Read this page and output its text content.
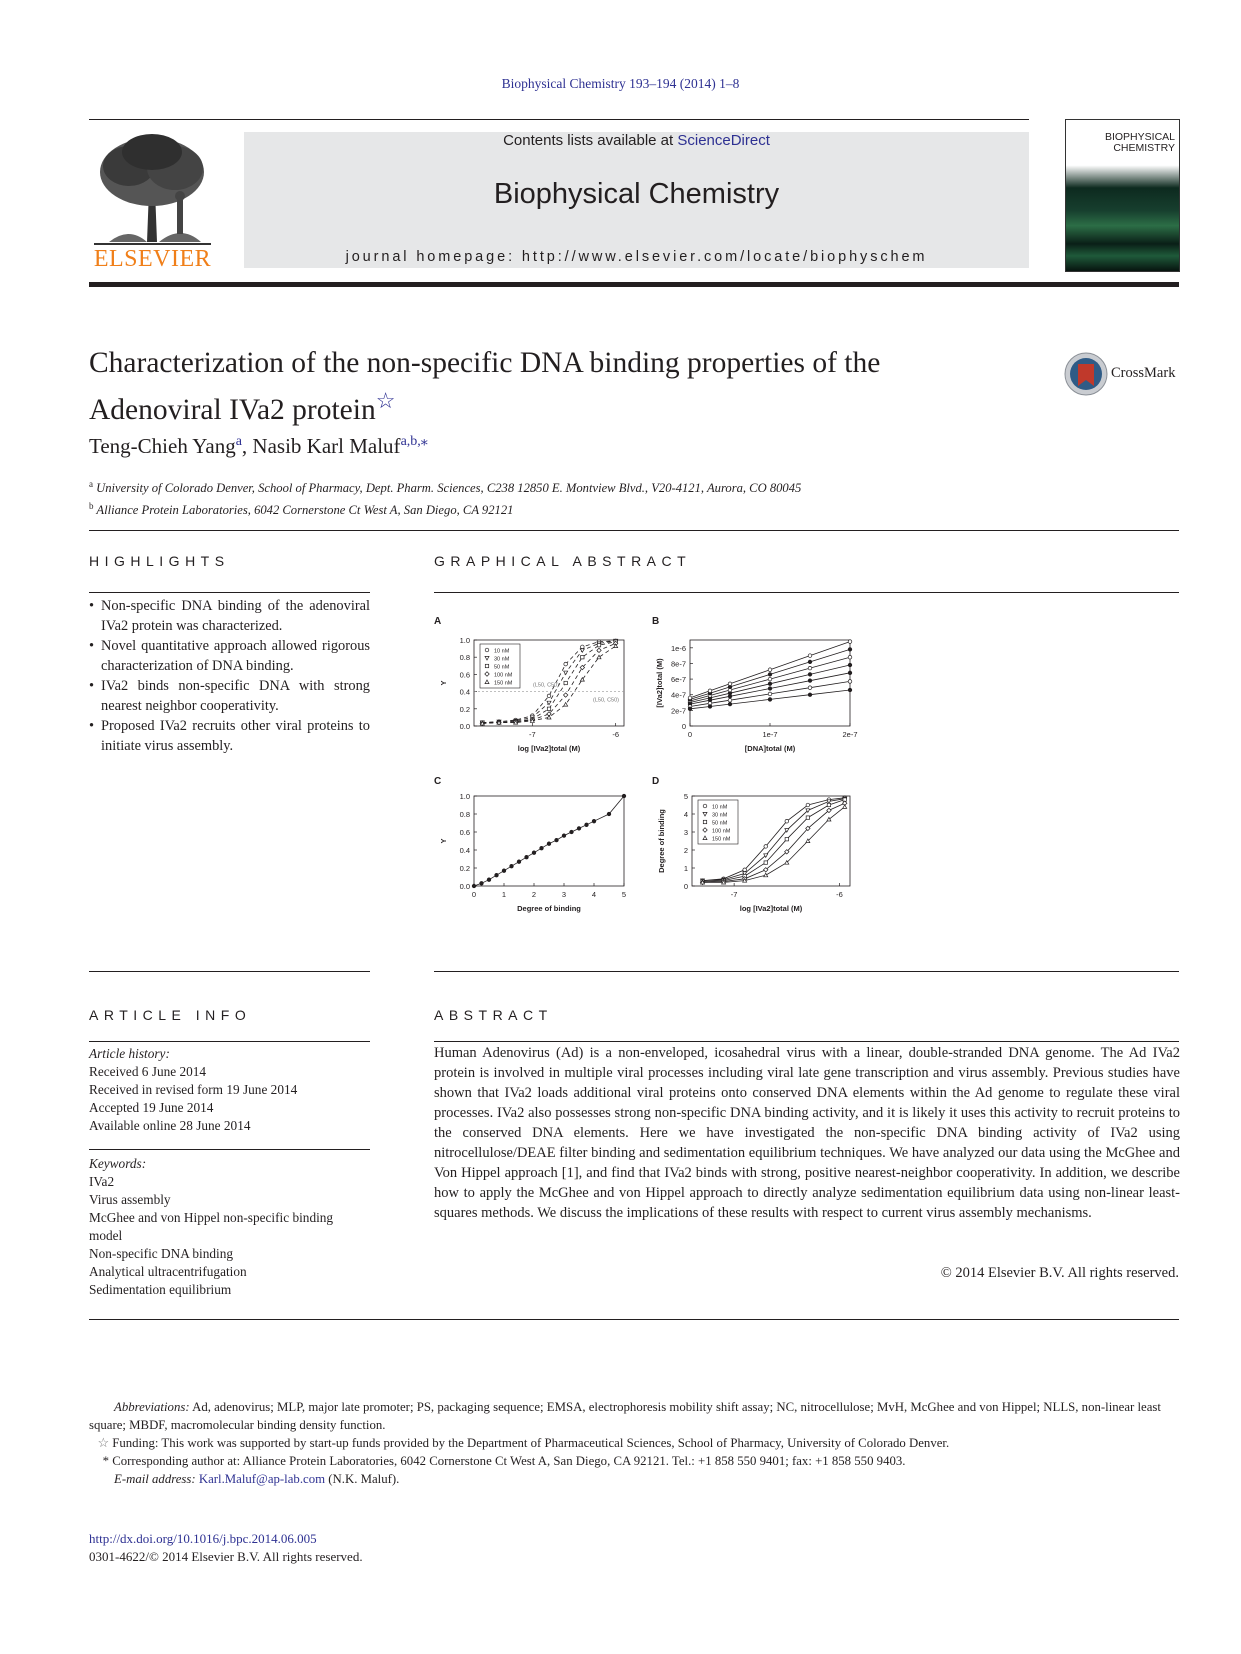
Biophysical Chemistry 193–194 (2014) 1–8
ELSEVIER
Contents lists available at ScienceDirect
Biophysical Chemistry
journal homepage: http://www.elsevier.com/locate/biophyschem
BIOPHYSICAL
CHEMISTRY
Characterization of the non-specific DNA binding properties of the
Adenoviral IVa2 protein☆
CrossMark
Teng-Chieh Yang$^a$, Nasib Karl Maluf$^{a,b,⁎}$
$^a$ University of Colorado Denver, School of Pharmacy, Dept. Pharm. Sciences, C238 12850 E. Montview Blvd., V20-4121, Aurora, CO 80045
$^b$ Alliance Protein Laboratories, 6042 Cornerstone Ct West A, San Diego, CA 92121
HIGHLIGHTS
• Non-specific DNA binding of the adenoviral IVa2 protein was characterized.
• Novel quantitative approach allowed rigorous characterization of DNA binding.
• IVa2 binds non-specific DNA with strong nearest neighbor cooperativity.
• Proposed IVa2 recruits other viral proteins to initiate virus assembly.
GRAPHICAL ABSTRACT
A
0.0
0.2
0.4
0.6
0.8
1.0
-7	-6
log [IVa2]total (M)
Y
10 nM
30 nM
50 nM
100 nM
150 nM	(L50, C50)
(L50, C50)
B
0
2e-7
4e-7
6e-7
8e-7
1e-6
0	1e-7	2e-7
[DNA]total (M)
[IVa2]total (M)
C
0.0
0.2
0.4
0.6
0.8
1.0
0	1	2	3	4	5
Degree of binding
Y
D
0
1
2
3
4
5
-7	-6
log [IVa2]total (M)
Degree of binding
10 nM
30 nM
50 nM
100 nM
150 nM
ARTICLE INFO
Article history:
Received 6 June 2014
Received in revised form 19 June 2014
Accepted 19 June 2014
Available online 28 June 2014
Keywords:
IVa2
Virus assembly
McGhee and von Hippel non-specific binding
model
Non-specific DNA binding
Analytical ultracentrifugation
Sedimentation equilibrium
ABSTRACT

Human Adenovirus (Ad) is a non-enveloped, icosahedral virus with a linear, double-stranded DNA genome. The Ad IVa2 protein is involved in multiple viral processes including viral late gene transcription and virus assembly. Previous studies have shown that IVa2 loads additional viral proteins onto conserved DNA elements within the Ad genome to regulate these viral processes. IVa2 also possesses strong non-specific DNA binding activity, and it is likely it uses this activity to recruit proteins to the conserved DNA elements. Here we have investigated the non-specific DNA binding activity of IVa2 using nitrocellulose/DEAE filter binding and sedimentation equilibrium techniques. We have analyzed our data using the McGhee and Von Hippel approach [1], and find that IVa2 binds with strong, positive nearest-neighbor cooperativity. In addition, we describe how to apply the McGhee and von Hippel approach to directly analyze sedimentation equilibrium data using non-linear least-squares methods. We discuss the implications of these results with respect to current virus assembly mechanisms.

© 2014 Elsevier B.V. All rights reserved.
Abbreviations: Ad, adenovirus; MLP, major late promoter; PS, packaging sequence; EMSA, electrophoresis mobility shift assay; NC, nitrocellulose; MvH, McGhee and von Hippel; NLLS, non-linear least square; MBDF, macromolecular binding density function.
☆ Funding: This work was supported by start-up funds provided by the Department of Pharmaceutical Sciences, School of Pharmacy, University of Colorado Denver.
* Corresponding author at: Alliance Protein Laboratories, 6042 Cornerstone Ct West A, San Diego, CA 92121. Tel.: +1 858 550 9401; fax: +1 858 550 9403.
E-mail address: Karl.Maluf@ap-lab.com (N.K. Maluf).
http://dx.doi.org/10.1016/j.bpc.2014.06.005
0301-4622/© 2014 Elsevier B.V. All rights reserved.
